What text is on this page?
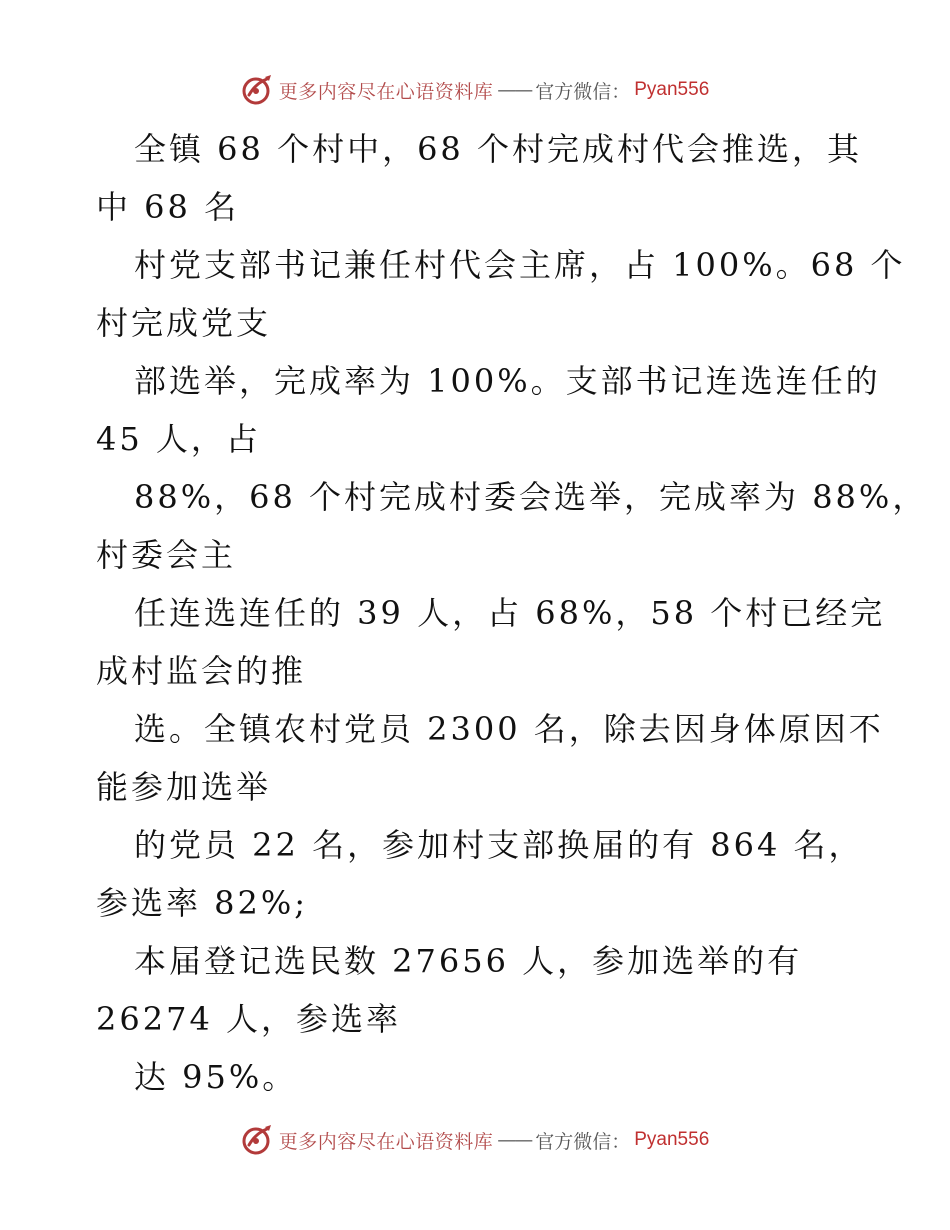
更多内容尽在心语资料库 —— 官方微信： Pyan556
全镇 68 个村中，68 个村完成村代会推选，其
中 68 名
村党支部书记兼任村代会主席，占 100%。68 个
村完成党支
部选举，完成率为 100%。支部书记连选连任的
45 人，占
88%，68 个村完成村委会选举，完成率为 88%，
村委会主
任连选连任的 39 人，占 68%，58 个村已经完
成村监会的推
选。全镇农村党员 2300 名，除去因身体原因不
能参加选举
的党员 22 名，参加村支部换届的有 864 名，
参选率 82%;
本届登记选民数 27656 人，参加选举的有
26274 人，参选率
达 95%。
更多内容尽在心语资料库 —— 官方微信： Pyan556
